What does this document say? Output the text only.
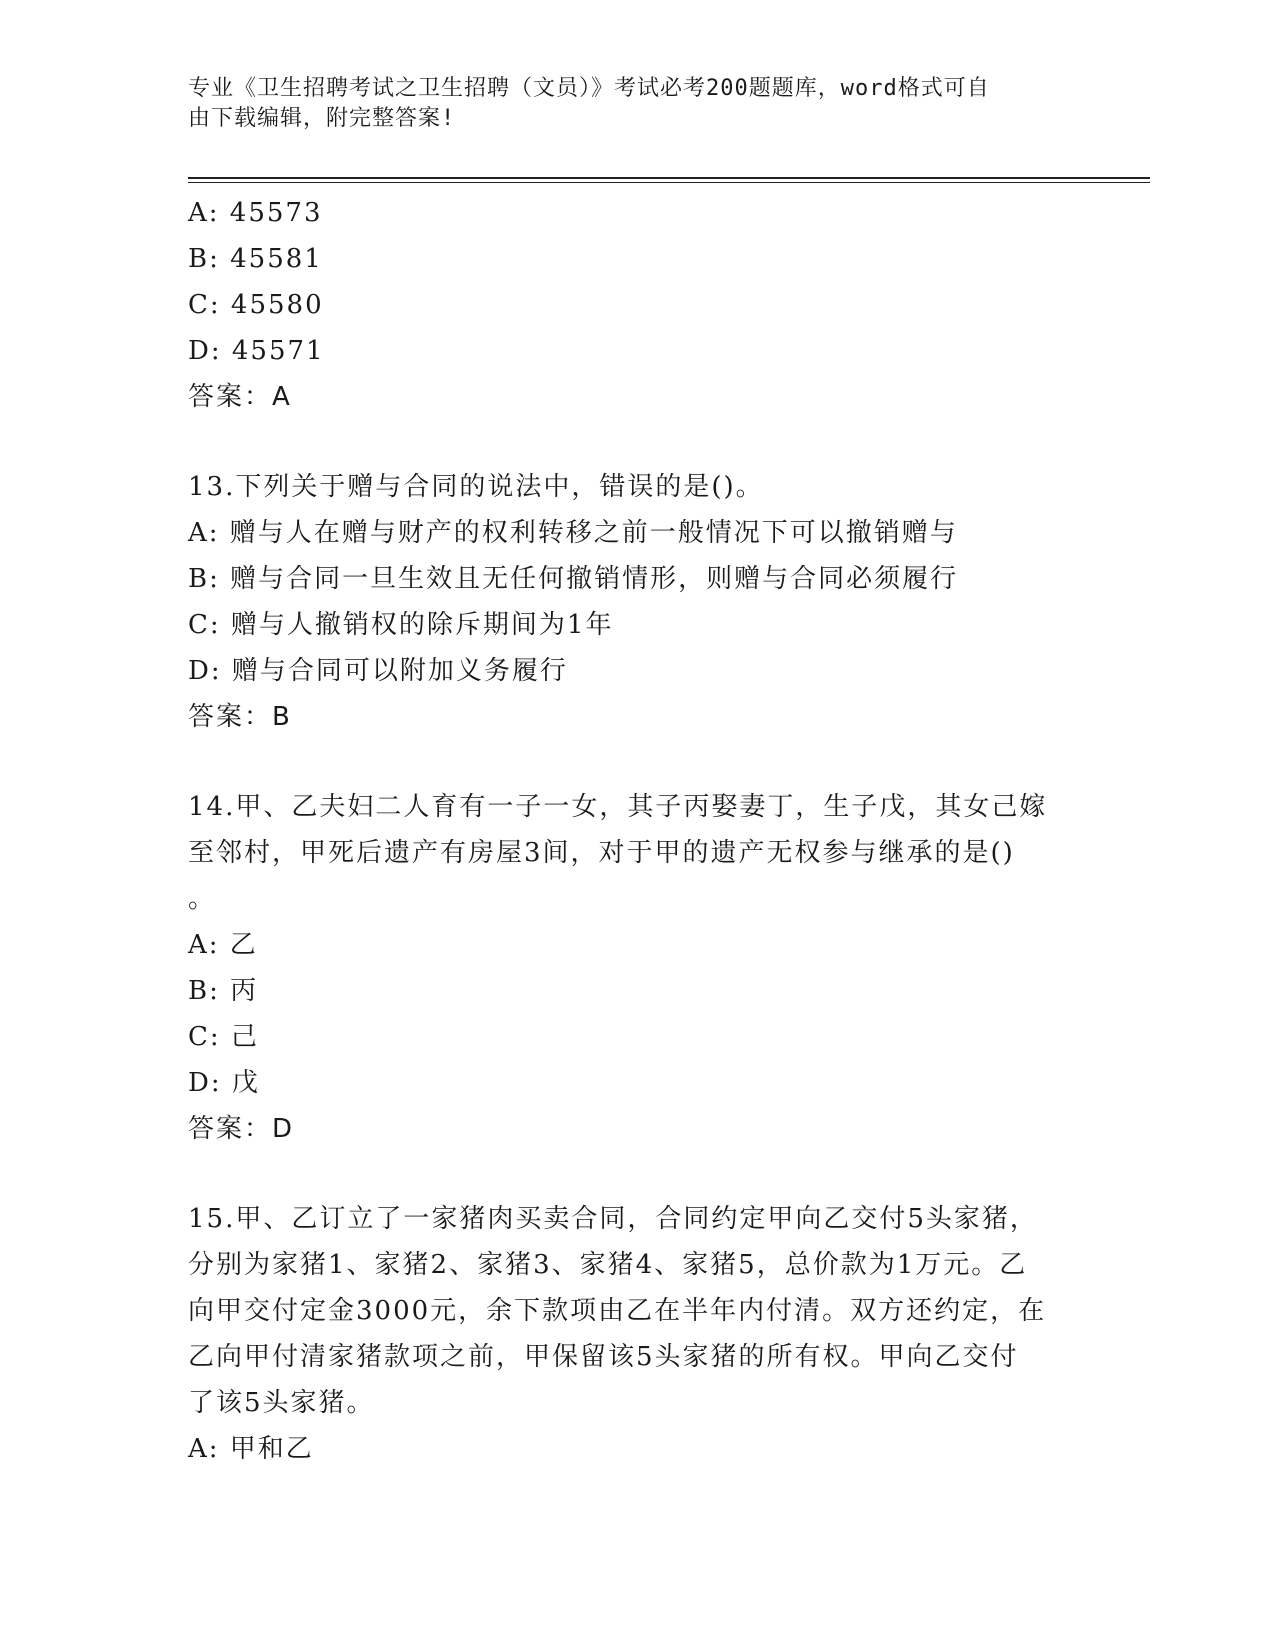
专业《卫生招聘考试之卫生招聘（文员）》考试必考200题题库，word格式可自
由下载编辑，附完整答案!
A: 45573
B: 45581
C: 45580
D: 45571
答案：A
13.下列关于赠与合同的说法中，错误的是()。
A: 赠与人在赠与财产的权利转移之前一般情况下可以撤销赠与
B: 赠与合同一旦生效且无任何撤销情形，则赠与合同必须履行
C: 赠与人撤销权的除斥期间为1年
D: 赠与合同可以附加义务履行
答案：B
14.甲、乙夫妇二人育有一子一女，其子丙娶妻丁，生子戊，其女己嫁
至邻村，甲死后遗产有房屋3间，对于甲的遗产无权参与继承的是()
。
A: 乙
B: 丙
C: 己
D: 戊
答案：D
15.甲、乙订立了一家猪肉买卖合同，合同约定甲向乙交付5头家猪，
分别为家猪1、家猪2、家猪3、家猪4、家猪5，总价款为1万元。乙
向甲交付定金3000元，余下款项由乙在半年内付清。双方还约定，在
乙向甲付清家猪款项之前，甲保留该5头家猪的所有权。甲向乙交付
了该5头家猪。
A: 甲和乙
